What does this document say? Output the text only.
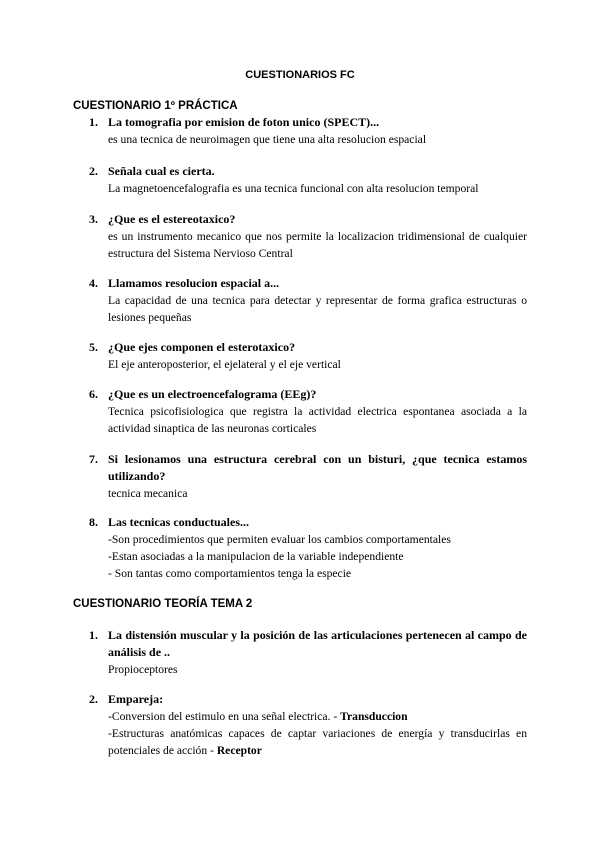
CUESTIONARIOS FC
CUESTIONARIO 1º PRÁCTICA
1. La tomografia por emision de foton unico (SPECT)...
es una tecnica de neuroimagen que tiene una alta resolucion espacial
2. Señala cual es cierta.
La magnetoencefalografia es una tecnica funcional con alta resolucion temporal
3. ¿Que es el estereotaxico?
es un instrumento mecanico que nos permite la localizacion tridimensional de cualquier estructura del Sistema Nervioso Central
4. Llamamos resolucion espacial a...
La capacidad de una tecnica para detectar y representar de forma grafica estructuras o lesiones pequeñas
5. ¿Que ejes componen el esterotaxico?
El eje anteroposterior, el ejelateral y el eje vertical
6. ¿Que es un electroencefalograma (EEg)?
Tecnica psicofisiologica que registra la actividad electrica espontanea asociada a la actividad sinaptica de las neuronas corticales
7. Si lesionamos una estructura cerebral con un bisturi, ¿que tecnica estamos utilizando?
tecnica mecanica
8. Las tecnicas conductuales...
-Son procedimientos que permiten evaluar los cambios comportamentales
-Estan asociadas a la manipulacion de la variable independiente
- Son tantas como comportamientos tenga la especie
CUESTIONARIO TEORÍA TEMA 2
1. La distensión muscular y la posición de las articulaciones pertenecen al campo de análisis de ..
Propioceptores
2. Empareja:
-Conversion del estimulo en una señal electrica. - Transduccion
-Estructuras anatómicas capaces de captar variaciones de energía y transducirlas en potenciales de acción - Receptor
